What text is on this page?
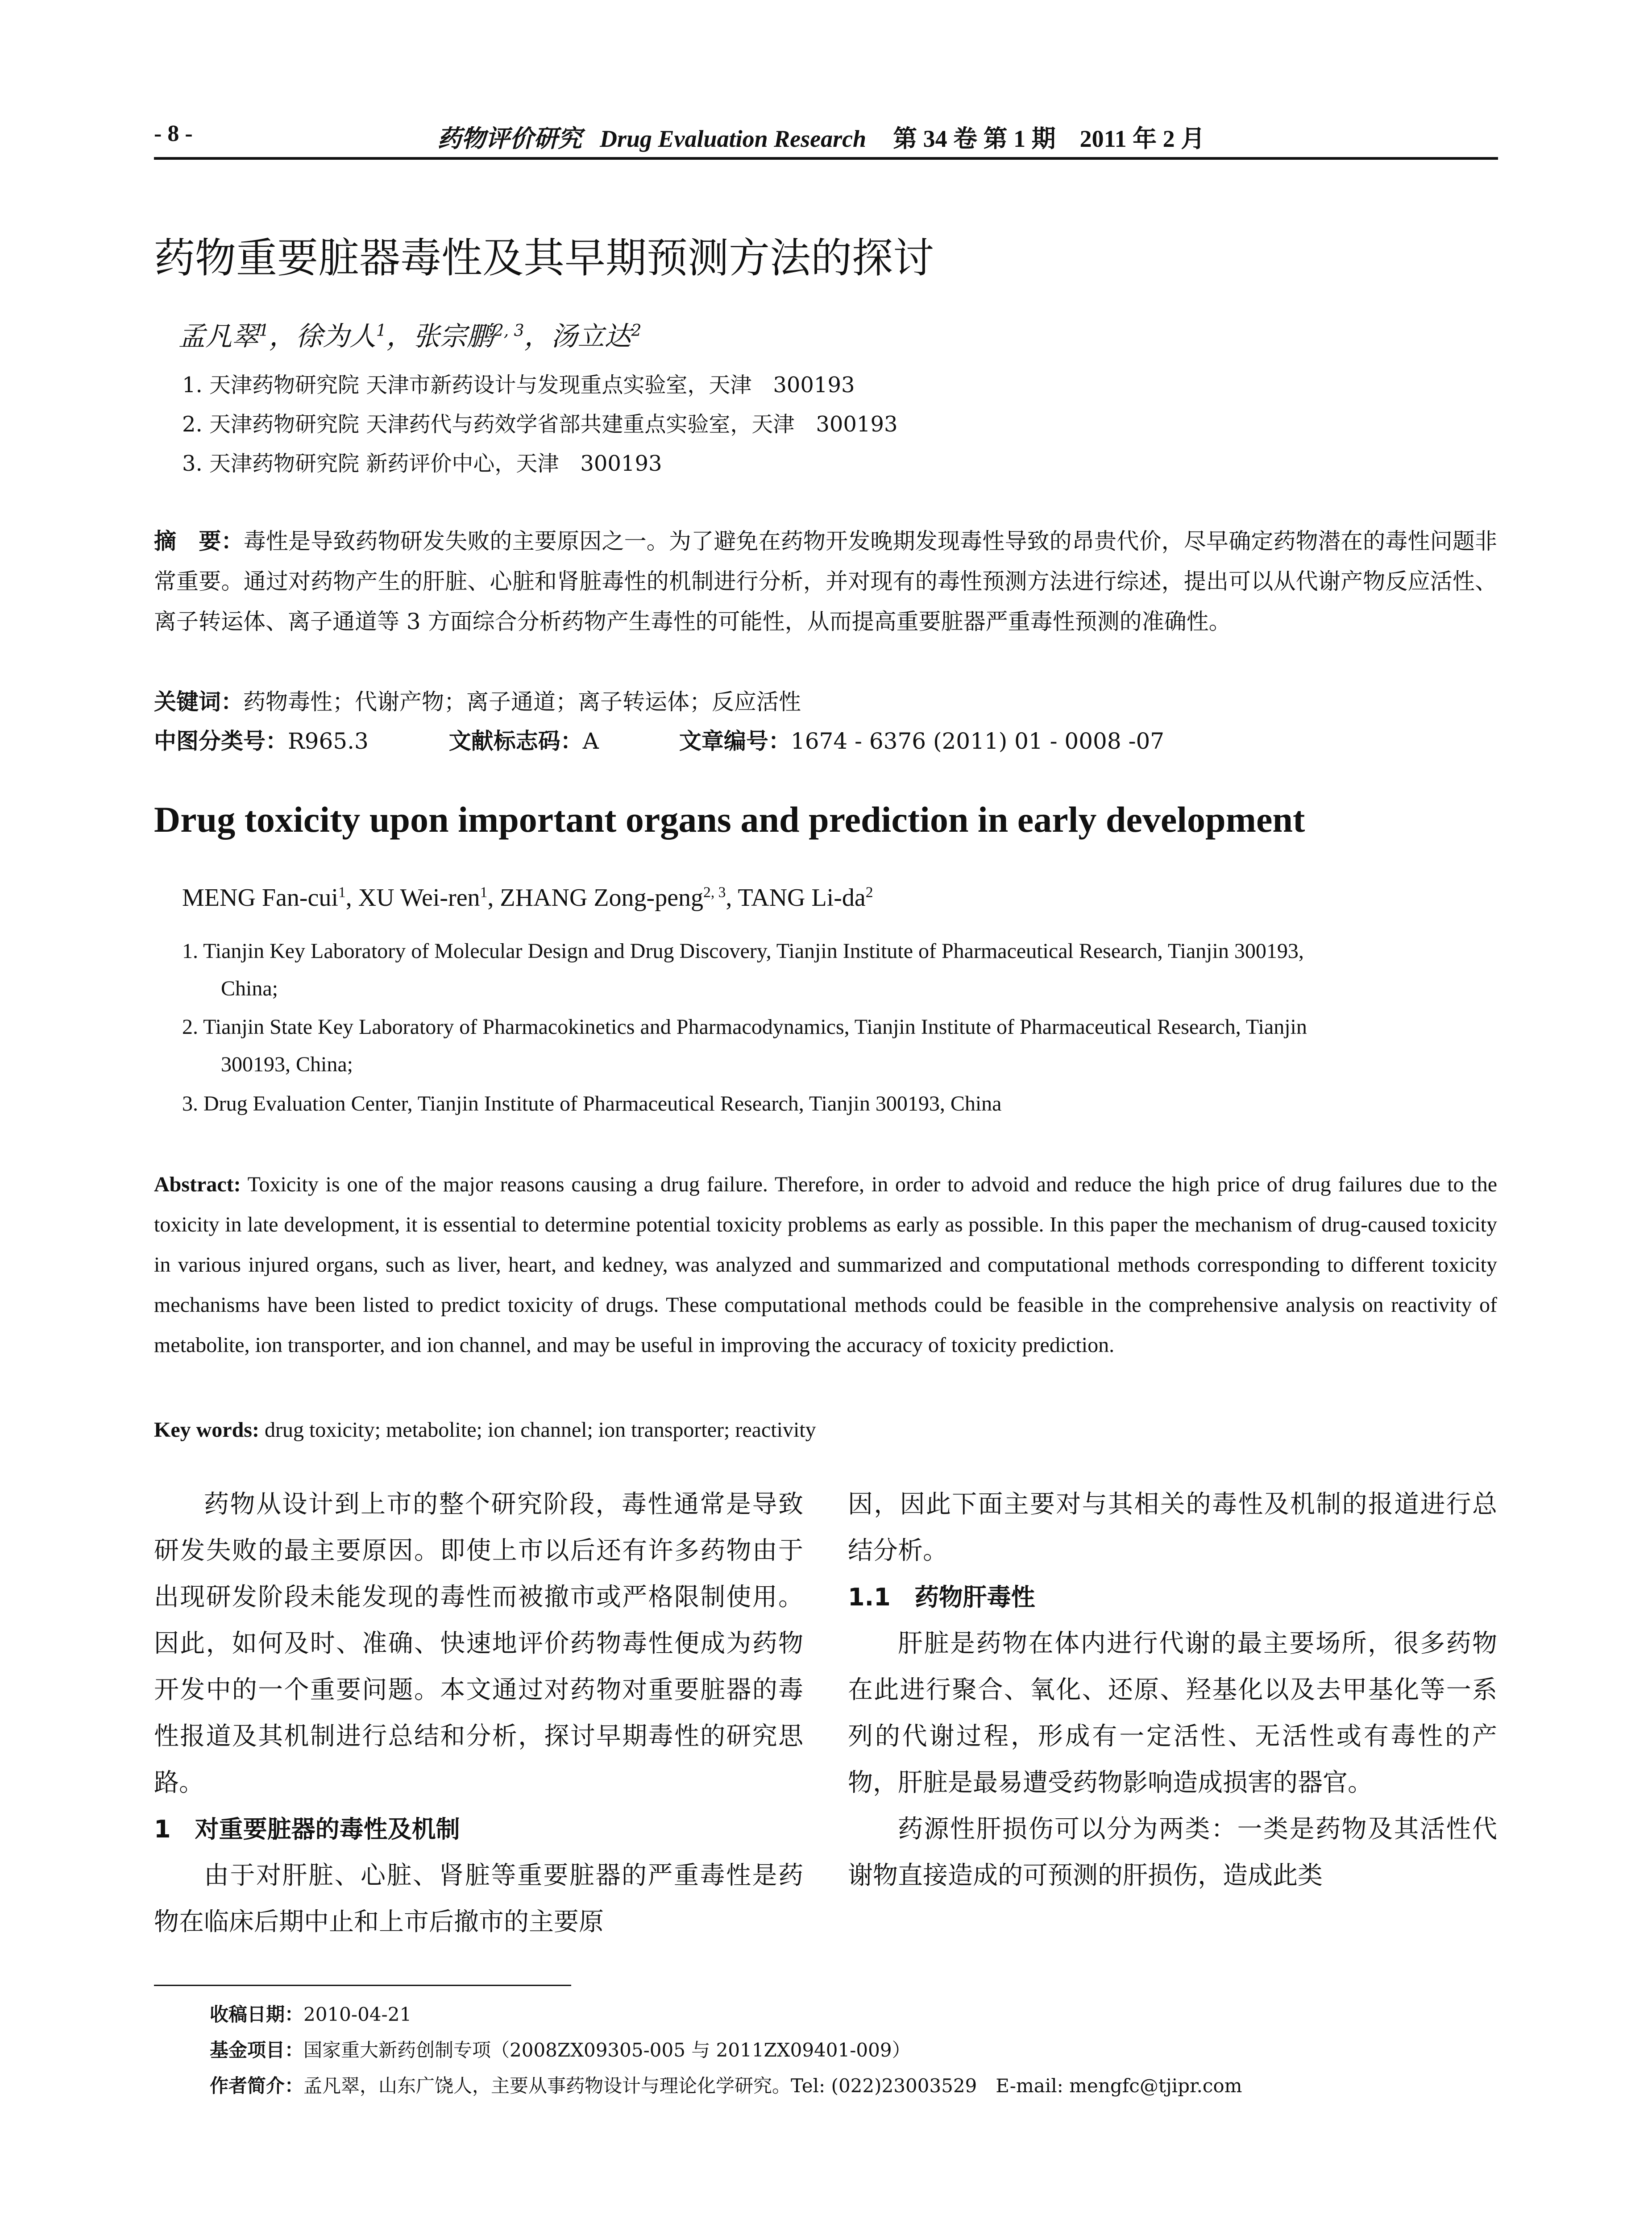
- 8 -	药物评价研究 Drug Evaluation Research 第 34 卷 第 1 期　2011 年 2 月
药物重要脏器毒性及其早期预测方法的探讨
孟凡翠$^1$，徐为人$^1$，张宗鹏$^{2, 3}$，汤立达$^2$
1. 天津药物研究院 天津市新药设计与发现重点实验室，天津　300193
2. 天津药物研究院 天津药代与药效学省部共建重点实验室，天津　300193
3. 天津药物研究院 新药评价中心，天津　300193
摘　要：毒性是导致药物研发失败的主要原因之一。为了避免在药物开发晚期发现毒性导致的昂贵代价，尽早确定药物潜在的毒性问题非常重要。通过对药物产生的肝脏、心脏和肾脏毒性的机制进行分析，并对现有的毒性预测方法进行综述，提出可以从代谢产物反应活性、离子转运体、离子通道等 3 方面综合分析药物产生毒性的可能性，从而提高重要脏器严重毒性预测的准确性。
关键词：药物毒性；代谢产物；离子通道；离子转运体；反应活性
中图分类号：R965.3	文献标志码：A	文章编号：1674 - 6376 (2011) 01 - 0008 -07
Drug toxicity upon important organs and prediction in early development
MENG Fan-cui$^1$, XU Wei-ren$^1$, ZHANG Zong-peng$^{2, 3}$, TANG $Li-da^2$
1. Tianjin Key Laboratory of Molecular Design and Drug Discovery, Tianjin Institute of Pharmaceutical Research, Tianjin 300193,
China;
2. Tianjin State Key Laboratory of Pharmacokinetics and Pharmacodynamics, Tianjin Institute of Pharmaceutical Research, Tianjin
300193, China;
3. Drug Evaluation Center, Tianjin Institute of Pharmaceutical Research, Tianjin 300193, China
Abstract: Toxicity is one of the major reasons causing a drug failure. Therefore, in order to advoid and reduce the high price of drug failures due to the toxicity in late development, it is essential to determine potential toxicity problems as early as possible. In this paper the mechanism of drug-caused toxicity in various injured organs, such as liver, heart, and kedney, was analyzed and summarized and computational methods corresponding to different toxicity mechanisms have been listed to predict toxicity of drugs. These computational methods could be feasible in the comprehensive analysis on reactivity of metabolite, ion transporter, and ion channel, and may be useful in improving the accuracy of toxicity prediction.
Key words: drug toxicity; metabolite; ion channel; ion transporter; reactivity

药物从设计到上市的整个研究阶段，毒性通常是导致研发失败的最主要原因。即使上市以后还有许多药物由于出现研发阶段未能发现的毒性而被撤市或严格限制使用。因此，如何及时、准确、快速地评价药物毒性便成为药物开发中的一个重要问题。本文通过对药物对重要脏器的毒性报道及其机制进行总结和分析，探讨早期毒性的研究思路。

1　对重要脏器的毒性及机制

由于对肝脏、心脏、肾脏等重要脏器的严重毒性是药物在临床后期中止和上市后撤市的主要原

因，因此下面主要对与其相关的毒性及机制的报道进行总结分析。

1.1　药物肝毒性

肝脏是药物在体内进行代谢的最主要场所，很多药物在此进行聚合、氧化、还原、羟基化以及去甲基化等一系列的代谢过程，形成有一定活性、无活性或有毒性的产物，肝脏是最易遭受药物影响造成损害的器官。

药源性肝损伤可以分为两类：一类是药物及其活性代谢物直接造成的可预测的肝损伤，造成此类

收稿日期：2010-04-21
基金项目：国家重大新药创制专项（2008ZX09305-005 与 2011ZX09401-009）
作者简介：孟凡翠，山东广饶人，主要从事药物设计与理论化学研究。Tel: (022)23003529　E-mail: mengfc@tjipr.com
